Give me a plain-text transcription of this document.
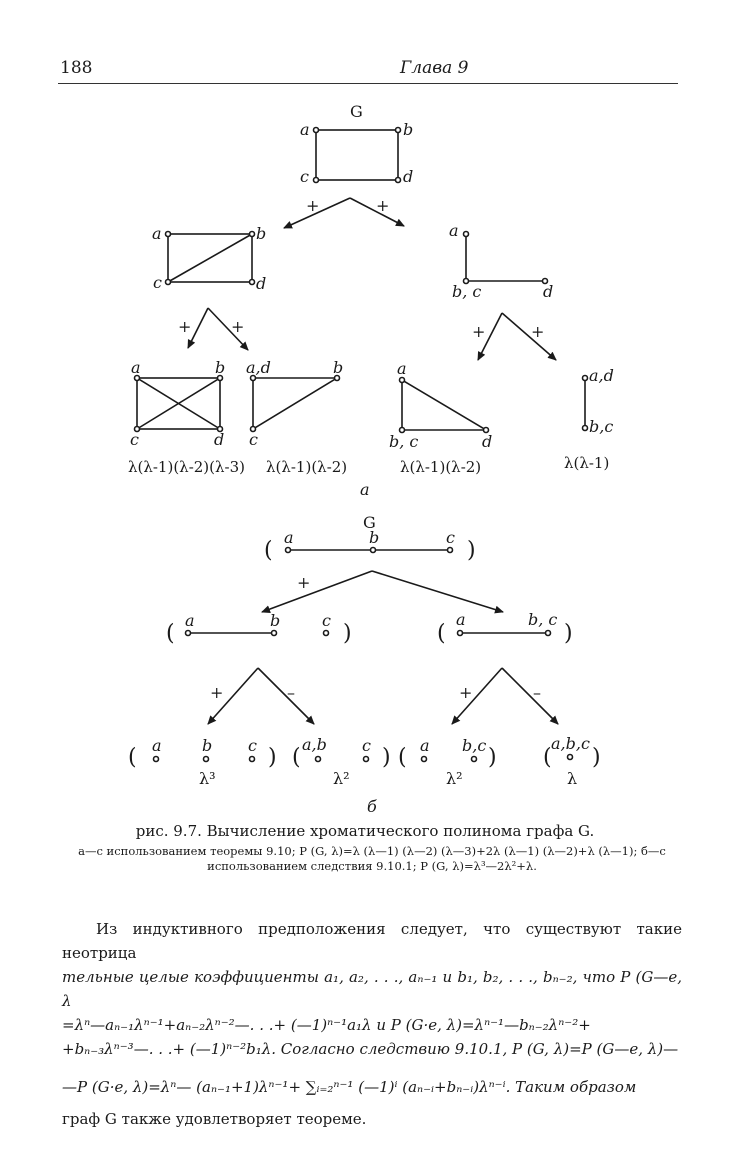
188	Глава 9
G
a	b
c	d
+	+
a	b
c	d
a
b, c	d
+ +	+	+
a	b
c	d
a,d	b
c
a
b, c	d
a,d
b,c
λ(λ-1)(λ-2)(λ-3) λ(λ-1)(λ-2)	λ(λ-1)(λ-2)	λ(λ-1)
a
G
(	)
a	b	c
+
(	)
a	b	c
(	)
a	b, c
+	–	+	–
(	)
a	b c (	)
a,b c (	)
a b,c	( )
a,b,c
λ³	λ²	λ²	λ
б
рис. 9.7. Вычисление хроматического полинома графа G.
а—с использованием теоремы 9.10; P (G, λ)=λ (λ—1) (λ—2) (λ—3)+2λ (λ—1) (λ—2)+λ (λ—1); б—с использованием следствия 9.10.1; P (G, λ)=λ³—2λ²+λ.

Из индуктивного предположения следует, что существуют такие неотрица

тельные целые коэффициенты a₁, a₂, . . ., aₙ₋₁ и b₁, b₂, . . ., bₙ₋₂, что P (G—e, λ
=λⁿ—aₙ₋₁λⁿ⁻¹+aₙ₋₂λⁿ⁻²—. . .+ (—1)ⁿ⁻¹a₁λ и P (G·e, λ)=λⁿ⁻¹—bₙ₋₂λⁿ⁻²+
+bₙ₋₃λⁿ⁻³—. . .+ (—1)ⁿ⁻²b₁λ. Согласно следствию 9.10.1, P (G, λ)=P (G—e, λ)—
—P (G·e, λ)=λⁿ— (aₙ₋₁+1)λⁿ⁻¹+ ∑ᵢ₌₂ⁿ⁻¹ (—1)ⁱ (aₙ₋ᵢ+bₙ₋ᵢ)λⁿ⁻ⁱ. Таким образом

граф G также удовлетворяет теореме.
